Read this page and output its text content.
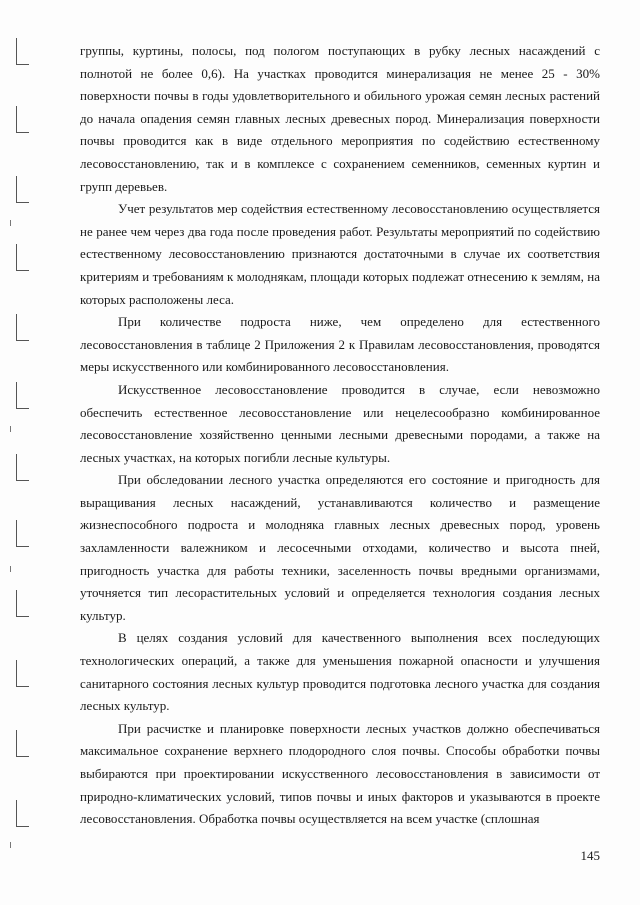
группы, куртины, полосы, под пологом поступающих в рубку лесных насаждений с полнотой не более 0,6). На участках проводится минерализация не менее 25 - 30% поверхности почвы в годы удовлетворительного и обильного урожая семян лесных растений до начала опадения семян главных лесных древесных пород. Минерализация поверхности почвы проводится как в виде отдельного мероприятия по содействию естественному лесовосстановлению, так и в комплексе с сохранением семенников, семенных куртин и групп деревьев.

Учет результатов мер содействия естественному лесовосстановлению осуществляется не ранее чем через два года после проведения работ. Результаты мероприятий по содействию естественному лесовосстановлению признаются достаточными в случае их соответствия критериям и требованиям к молоднякам, площади которых подлежат отнесению к землям, на которых расположены леса.

При количестве подроста ниже, чем определено для естественного лесовосстановления в таблице 2 Приложения 2 к Правилам лесовосстановления, проводятся меры искусственного или комбинированного лесовосстановления.

Искусственное лесовосстановление проводится в случае, если невозможно обеспечить естественное лесовосстановление или нецелесообразно комбинированное лесовосстановление хозяйственно ценными лесными древесными породами, а также на лесных участках, на которых погибли лесные культуры.

При обследовании лесного участка определяются его состояние и пригодность для выращивания лесных насаждений, устанавливаются количество и размещение жизнеспособного подроста и молодняка главных лесных древесных пород, уровень захламленности валежником и лесосечными отходами, количество и высота пней, пригодность участка для работы техники, заселенность почвы вредными организмами, уточняется тип лесорастительных условий и определяется технология создания лесных культур.

В целях создания условий для качественного выполнения всех последующих технологических операций, а также для уменьшения пожарной опасности и улучшения санитарного состояния лесных культур проводится подготовка лесного участка для создания лесных культур.

При расчистке и планировке поверхности лесных участков должно обеспечиваться максимальное сохранение верхнего плодородного слоя почвы. Способы обработки почвы выбираются при проектировании искусственного лесовосстановления в зависимости от природно-климатических условий, типов почвы и иных факторов и указываются в проекте лесовосстановления. Обработка почвы осуществляется на всем участке (сплошная

145
